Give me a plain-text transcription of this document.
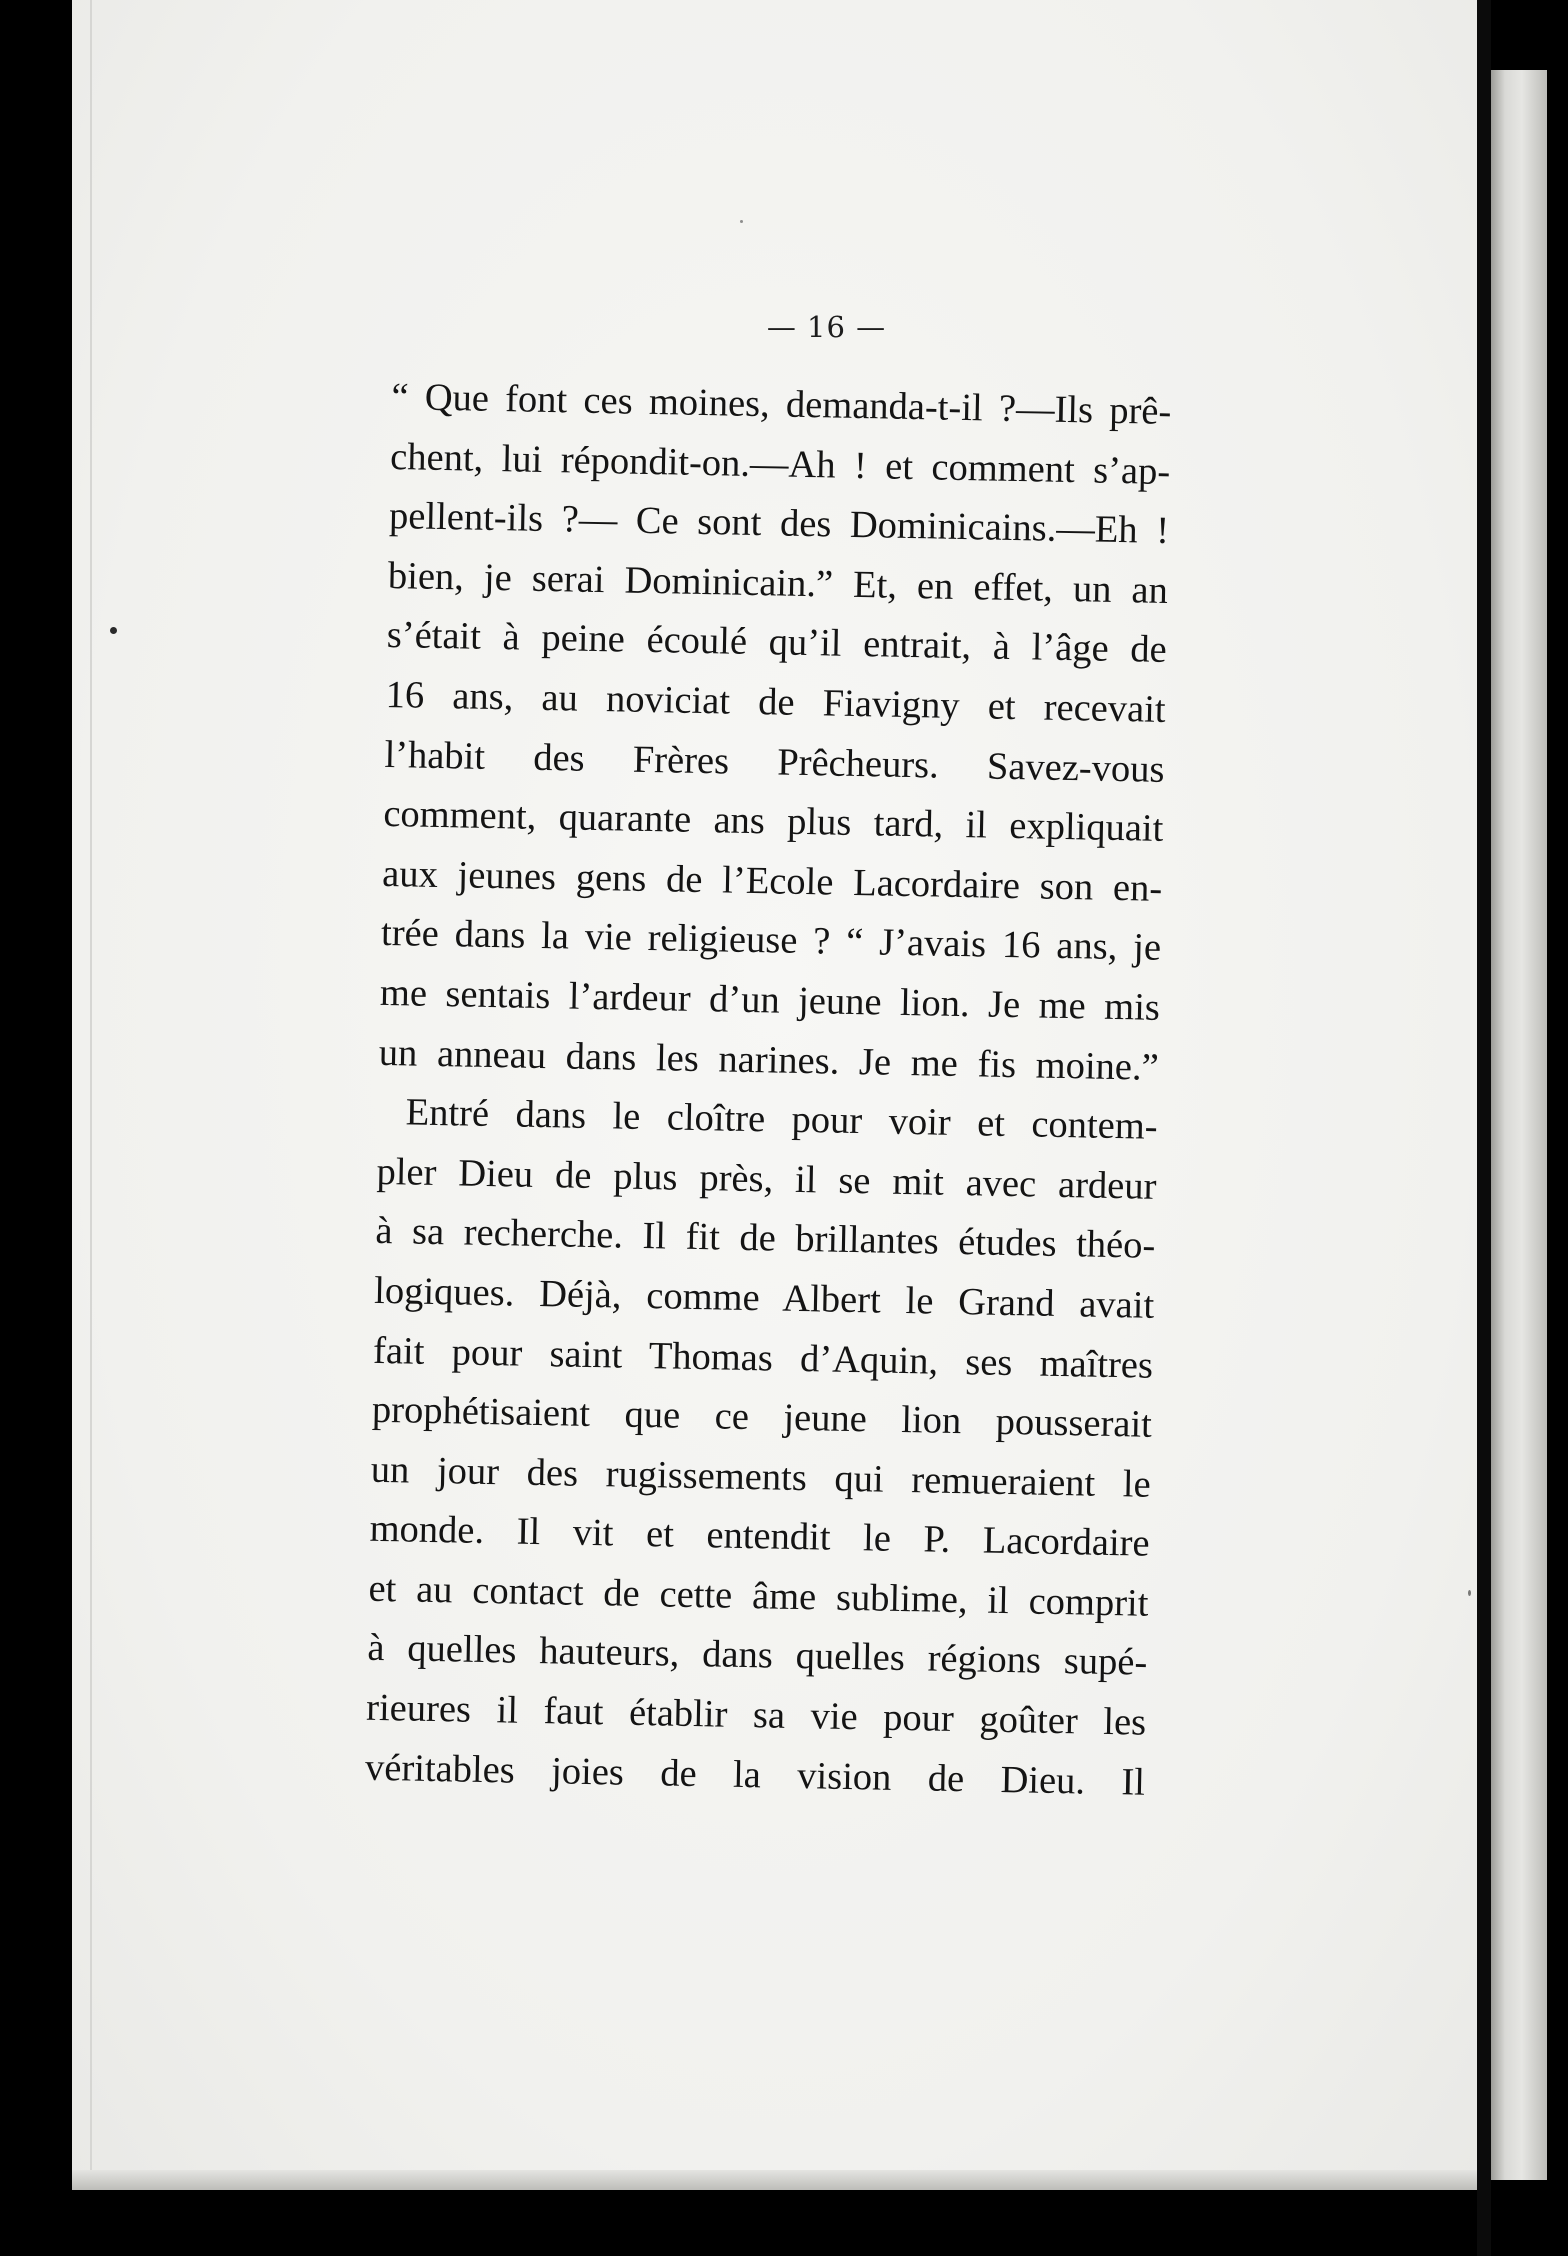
— 16 —
“ Que font ces moines, demanda-t-il ?—Ils prê-
chent, lui répondit-on.—Ah ! et comment s’ap-
pellent-ils ?— Ce sont des Dominicains.—Eh !
bien, je serai Dominicain.” Et, en effet, un an
s’était à peine écoulé qu’il entrait, à l’âge de
16 ans, au noviciat de Fiavigny et recevait
l’habit des Frères Prêcheurs. Savez-vous
comment, quarante ans plus tard, il expliquait
aux jeunes gens de l’Ecole Lacordaire son en-
trée dans la vie religieuse ? “ J’avais 16 ans, je
me sentais l’ardeur d’un jeune lion. Je me mis
un anneau dans les narines. Je me fis moine.”
Entré dans le cloître pour voir et contem-
pler Dieu de plus près, il se mit avec ardeur
à sa recherche. Il fit de brillantes études théo-
logiques. Déjà, comme Albert le Grand avait
fait pour saint Thomas d’Aquin, ses maîtres
prophétisaient que ce jeune lion pousserait
un jour des rugissements qui remueraient le
monde. Il vit et entendit le P. Lacordaire
et au contact de cette âme sublime, il comprit
à quelles hauteurs, dans quelles régions supé-
rieures il faut établir sa vie pour goûter les
véritables joies de la vision de Dieu. Il
